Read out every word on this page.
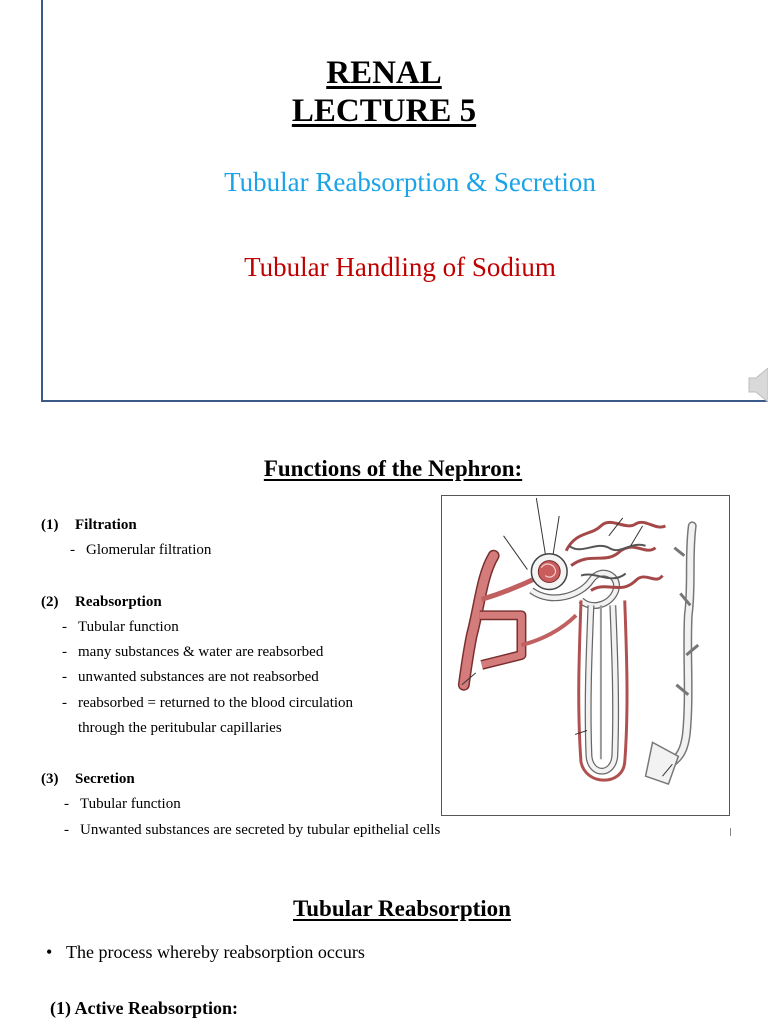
RENAL
LECTURE 5
Tubular Reabsorption & Secretion
Tubular Handling of Sodium
Functions of the Nephron:
(1) Filtration
- Glomerular filtration
(2) Reabsorption
- Tubular function
- many substances & water are reabsorbed
- unwanted substances are not reabsorbed
- reabsorbed = returned to the blood circulation
through the peritubular capillaries
(3) Secretion
- Tubular function
- Unwanted substances are secreted by tubular epithelial cells
Tubular Reabsorption
• The process whereby reabsorption occurs
(1) Active Reabsorption:
